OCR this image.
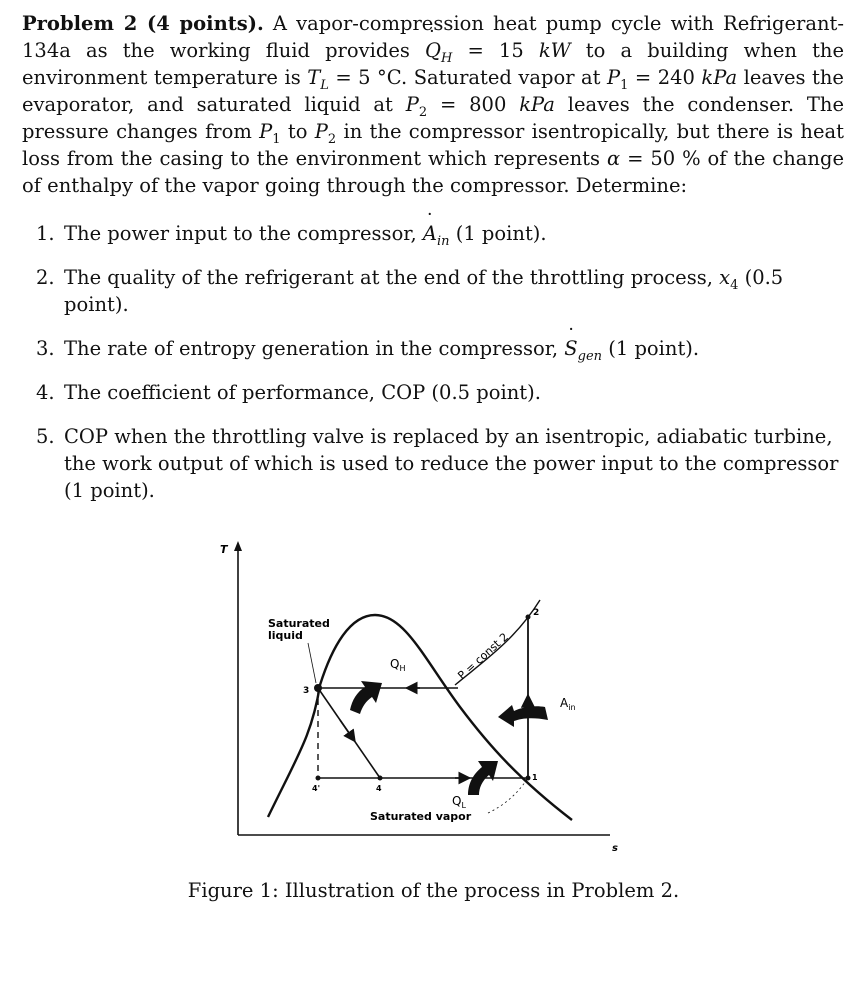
Problem 2 (4 points). A vapor-compression heat pump cycle with Refrigerant-134a as the working fluid provides ˙ $Q_H = 15$ kW to a building when the environment temperature is $T_L = 5$ °C. Saturated vapor at $P_1 = 240$ kPa leaves the evaporator, and saturated liquid at $P_2 = 800$ kPa leaves the condenser. The pressure changes from $P_1$ to $P_2$ in the compressor isentropically, but there is heat loss from the casing to the environment which represents α = 50 % of the change of enthalpy of the vapor going through the compressor. Determine:
1. The power input to the compressor, ˙ $A_{in}$ (1 point).
2. The quality of the refrigerant at the end of the throttling process, $x_4$ (0.5 point).
3. The rate of entropy generation in the compressor, ˙ $S_{gen}$ (1 point).
4. The coefficient of performance, COP (0.5 point).
5. COP when the throttling valve is replaced by an isentropic, adiabatic turbine, the work output of which is used to reduce the power input to the compressor (1 point).
T
s
Saturated
liquid
Saturated vapor
P = const 2
$Q_H$
$Q_L$
$A_{in}$
3
1
2
4
4'
Figure 1: Illustration of the process in Problem 2.
